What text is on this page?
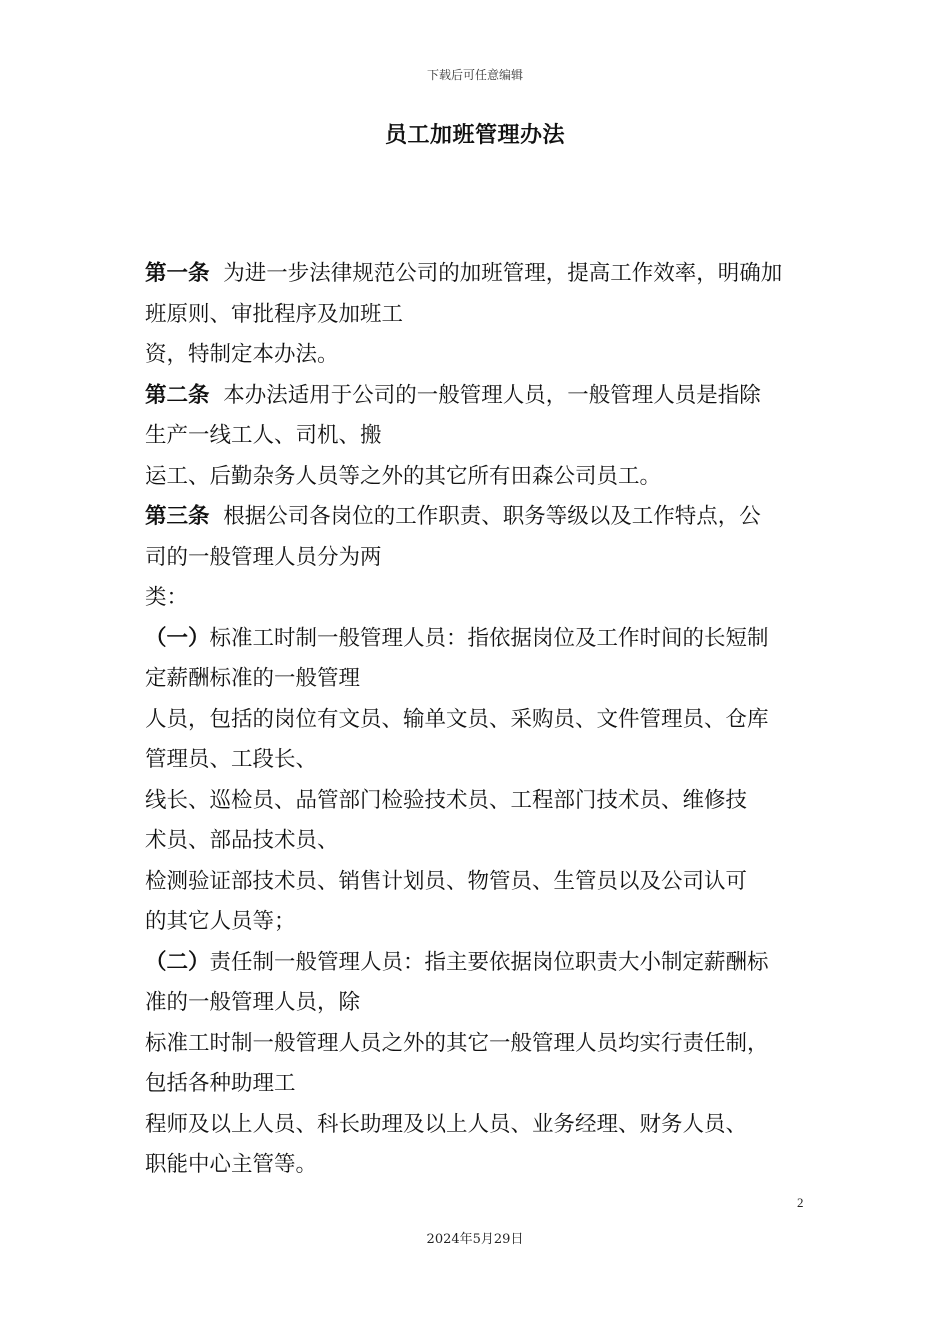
下载后可任意编辑
员工加班管理办法
第一条 为进一步法律规范公司的加班管理，提高工作效率，明确加
班原则、审批程序及加班工
资，特制定本办法。
第二条 本办法适用于公司的一般管理人员，一般管理人员是指除
生产一线工人、司机、搬
运工、后勤杂务人员等之外的其它所有田森公司员工。
第三条 根据公司各岗位的工作职责、职务等级以及工作特点，公
司的一般管理人员分为两
类：
（一）标准工时制一般管理人员：指依据岗位及工作时间的长短制
定薪酬标准的一般管理
人员，包括的岗位有文员、输单文员、采购员、文件管理员、仓库
管理员、工段长、
线长、巡检员、品管部门检验技术员、工程部门技术员、维修技
术员、部品技术员、
检测验证部技术员、销售计划员、物管员、生管员以及公司认可
的其它人员等；
（二）责任制一般管理人员：指主要依据岗位职责大小制定薪酬标
准的一般管理人员，除
标准工时制一般管理人员之外的其它一般管理人员均实行责任制，
包括各种助理工
程师及以上人员、科长助理及以上人员、业务经理、财务人员、
职能中心主管等。
2
2024年5月29日
